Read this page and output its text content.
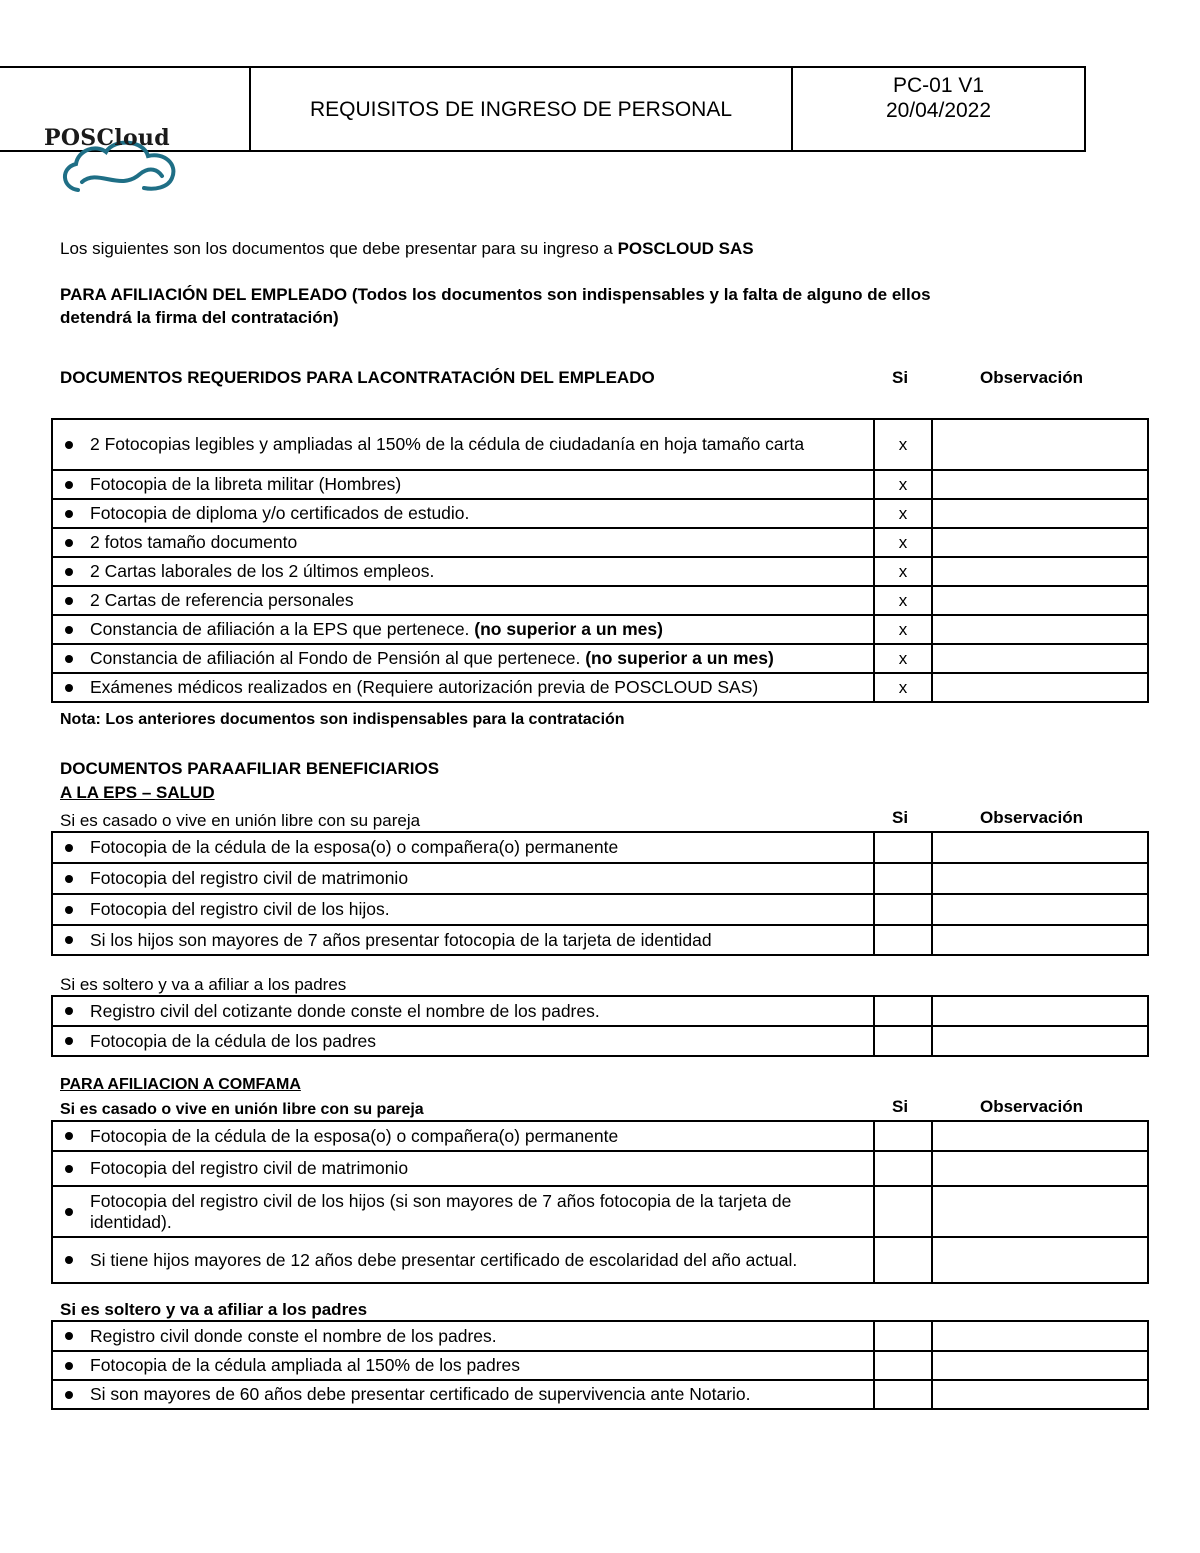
POSCloud
REQUISITOS DE INGRESO DE PERSONAL
PC-01 V1
20/04/2022
Los siguientes son los documentos que debe presentar para su ingreso a POSCLOUD SAS
PARA AFILIACIÓN DEL EMPLEADO (Todos los documentos son indispensables y la falta de alguno de ellos
detendrá la firma del contratación)
DOCUMENTOS REQUERIDOS PARA LACONTRATACIÓN DEL EMPLEADO	Si	Observación
2 Fotocopias legibles y ampliadas al 150% de la cédula de ciudadanía en hoja tamaño carta	x	

Fotocopia de la libreta militar (Hombres)	x	

Fotocopia de diploma y/o certificados de estudio.	x	

2 fotos tamaño documento	x	

2 Cartas laborales de los 2 últimos empleos.	x	

2 Cartas de referencia personales	x	

Constancia de afiliación a la EPS que pertenece. (no superior a un mes)	x	

Constancia de afiliación al Fondo de Pensión al que pertenece. (no superior a un mes)	x	

Exámenes médicos realizados en (Requiere autorización previa de POSCLOUD SAS)	x	
Nota: Los anteriores documentos son indispensables para la contratación
DOCUMENTOS PARAAFILIAR BENEFICIARIOS
A LA EPS – SALUD
Si es casado o vive en unión libre con su pareja	Si	Observación
Fotocopia de la cédula de la esposa(o) o compañera(o) permanente		

Fotocopia del registro civil de matrimonio		

Fotocopia del registro civil de los hijos.		

Si los hijos son mayores de 7 años presentar fotocopia de la tarjeta de identidad		

Si es soltero y va a afiliar a los padres
Registro civil del cotizante donde conste el nombre de los padres.		

Fotocopia de la cédula de los padres		

PARA AFILIACION A COMFAMA
Si es casado o vive en unión libre con su pareja	Si	Observación
Fotocopia de la cédula de la esposa(o) o compañera(o) permanente		

Fotocopia del registro civil de matrimonio		

Fotocopia del registro civil de los hijos (si son mayores de 7 años fotocopia de la tarjeta de identidad).		

Si tiene hijos mayores de 12 años debe presentar certificado de escolaridad del año actual.		

Si es soltero y va a afiliar a los padres
Registro civil donde conste el nombre de los padres.		

Fotocopia de la cédula ampliada al 150% de los padres		

Si son mayores de 60 años debe presentar certificado de supervivencia ante Notario.		
